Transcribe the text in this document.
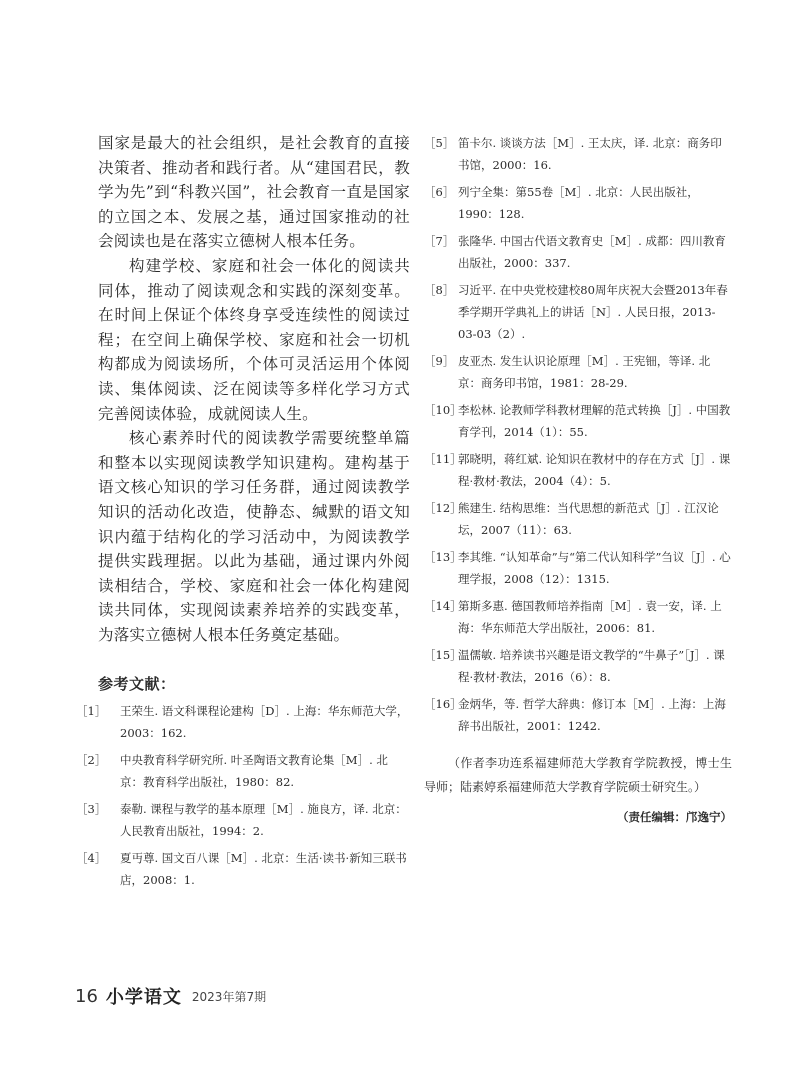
国家是最大的社会组织，是社会教育的直接决策者、推动者和践行者。从“建国君民，教学为先”到“科教兴国”，社会教育一直是国家的立国之本、发展之基，通过国家推动的社会阅读也是在落实立德树人根本任务。

构建学校、家庭和社会一体化的阅读共同体，推动了阅读观念和实践的深刻变革。在时间上保证个体终身享受连续性的阅读过程；在空间上确保学校、家庭和社会一切机构都成为阅读场所，个体可灵活运用个体阅读、集体阅读、泛在阅读等多样化学习方式完善阅读体验，成就阅读人生。

核心素养时代的阅读教学需要统整单篇和整本以实现阅读教学知识建构。建构基于语文核心知识的学习任务群，通过阅读教学知识的活动化改造，使静态、缄默的语文知识内蕴于结构化的学习活动中，为阅读教学提供实践理据。以此为基础，通过课内外阅读相结合，学校、家庭和社会一体化构建阅读共同体，实现阅读素养培养的实践变革，为落实立德树人根本任务奠定基础。

参考文献：
［1］	王荣生. 语文科课程论建构［D］. 上海：华东师范大学，2003：162.
［2］	中央教育科学研究所. 叶圣陶语文教育论集［M］. 北京：教育科学出版社，1980：82.
［3］	泰勒. 课程与教学的基本原理［M］. 施良方，译. 北京：人民教育出版社，1994：2.
［4］	夏丏尊. 国文百八课［M］. 北京：生活·读书·新知三联书店，2008：1.
［5］ 笛卡尔. 谈谈方法［M］. 王太庆，译. 北京：商务印书馆，2000：16.
［6］ 列宁全集：第55卷［M］. 北京：人民出版社，1990：128.
［7］ 张隆华. 中国古代语文教育史［M］. 成都：四川教育出版社，2000：337.
［8］ 习近平. 在中央党校建校80周年庆祝大会暨2013年春季学期开学典礼上的讲话［N］. 人民日报，2013-03-03（2）.
［9］ 皮亚杰. 发生认识论原理［M］. 王宪钿，等译. 北京：商务印书馆，1981：28-29.
［10］
李松林. 论教师学科教材理解的范式转换［J］. 中国教育学刊，2014（1）：55.
［11］
郭晓明，蒋红斌. 论知识在教材中的存在方式［J］. 课程·教材·教法，2004（4）：5.
［12］
熊建生. 结构思维：当代思想的新范式［J］. 江汉论坛，2007（11）：63.
［13］
李其维. “认知革命”与“第二代认知科学”刍议［J］. 心理学报，2008（12）：1315.
［14］
第斯多惠. 德国教师培养指南［M］. 袁一安，译. 上海：华东师范大学出版社，2006：81.
［15］
温儒敏. 培养读书兴趣是语文教学的“牛鼻子”［J］. 课程·教材·教法，2016（6）：8.
［16］
金炳华，等. 哲学大辞典：修订本［M］. 上海：上海辞书出版社，2001：1242.
（作者李功连系福建师范大学教育学院教授，博士生导师；陆素婷系福建师范大学教育学院硕士研究生。）
（责任编辑：邝逸宁）
16 小学语文 2023年第7期
